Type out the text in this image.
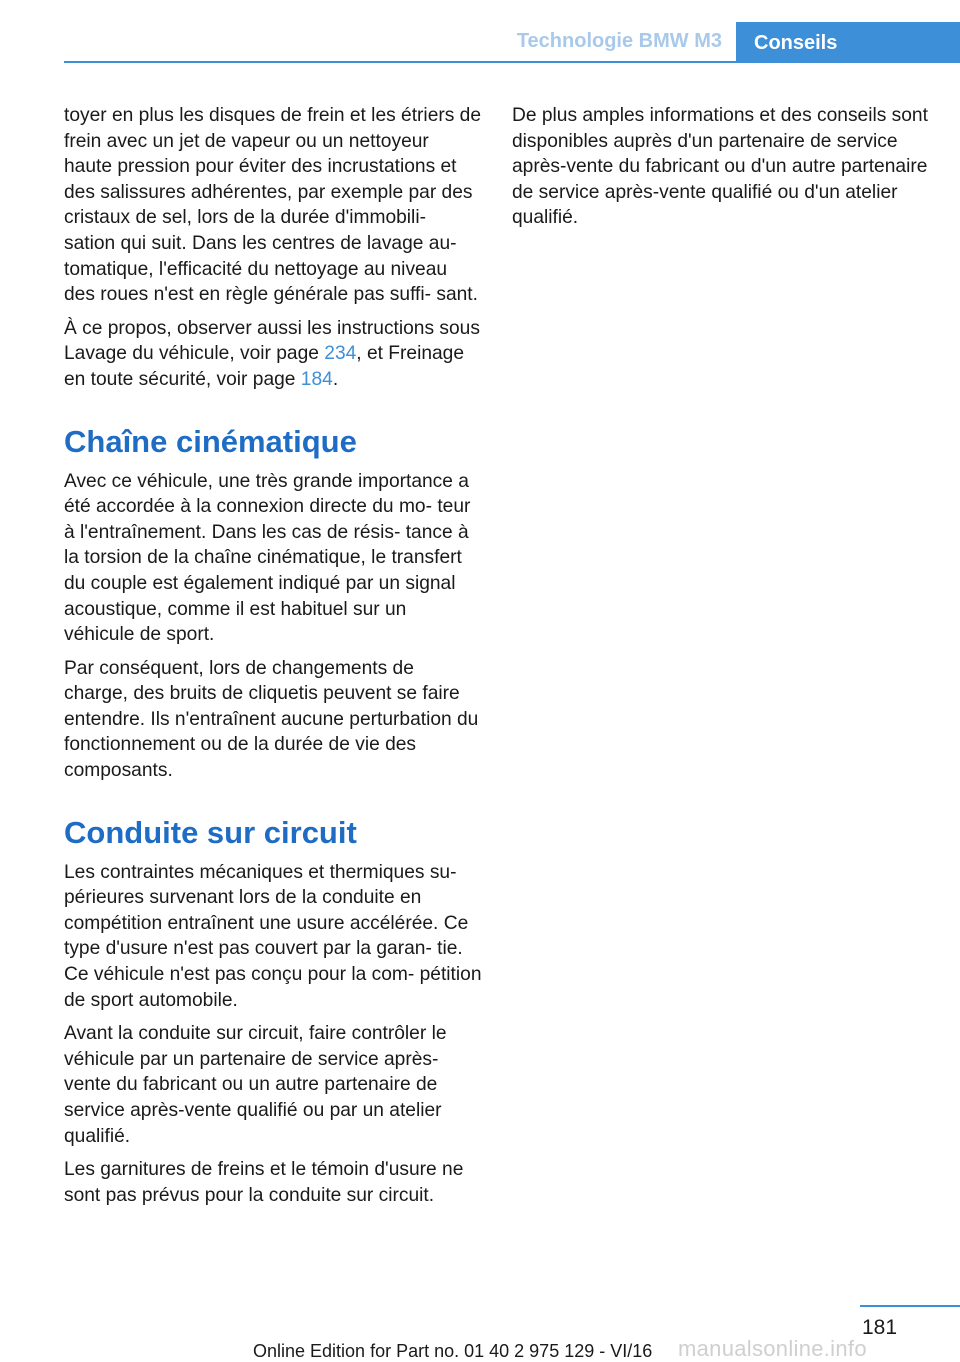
Technologie BMW M3	Conseils

toyer en plus les disques de frein et les étriers de frein avec un jet de vapeur ou un nettoyeur haute pression pour éviter des incrustations et des salissures adhérentes, par exemple par des cristaux de sel, lors de la durée d'immobili‐ sation qui suit. Dans les centres de lavage au‐ tomatique, l'efficacité du nettoyage au niveau des roues n'est en règle générale pas suffi‐ sant.

À ce propos, observer aussi les instructions sous Lavage du véhicule, voir page 234, et Freinage en toute sécurité, voir page 184.

Chaîne cinématique

Avec ce véhicule, une très grande importance a été accordée à la connexion directe du mo‐ teur à l'entraînement. Dans les cas de résis‐ tance à la torsion de la chaîne cinématique, le transfert du couple est également indiqué par un signal acoustique, comme il est habituel sur un véhicule de sport.

Par conséquent, lors de changements de charge, des bruits de cliquetis peuvent se faire entendre. Ils n'entraînent aucune perturbation du fonctionnement ou de la durée de vie des composants.

Conduite sur circuit

Les contraintes mécaniques et thermiques su‐ périeures survenant lors de la conduite en compétition entraînent une usure accélérée. Ce type d'usure n'est pas couvert par la garan‐ tie. Ce véhicule n'est pas conçu pour la com‐ pétition de sport automobile.

Avant la conduite sur circuit, faire contrôler le véhicule par un partenaire de service après- vente du fabricant ou un autre partenaire de service après-vente qualifié ou par un atelier qualifié.

Les garnitures de freins et le témoin d'usure ne sont pas prévus pour la conduite sur circuit.

De plus amples informations et des conseils sont disponibles auprès d'un partenaire de service après-vente du fabricant ou d'un autre partenaire de service après-vente qualifié ou d'un atelier qualifié.

181
Online Edition for Part no. 01 40 2 975 129 - VI/16 manualsonline.info
